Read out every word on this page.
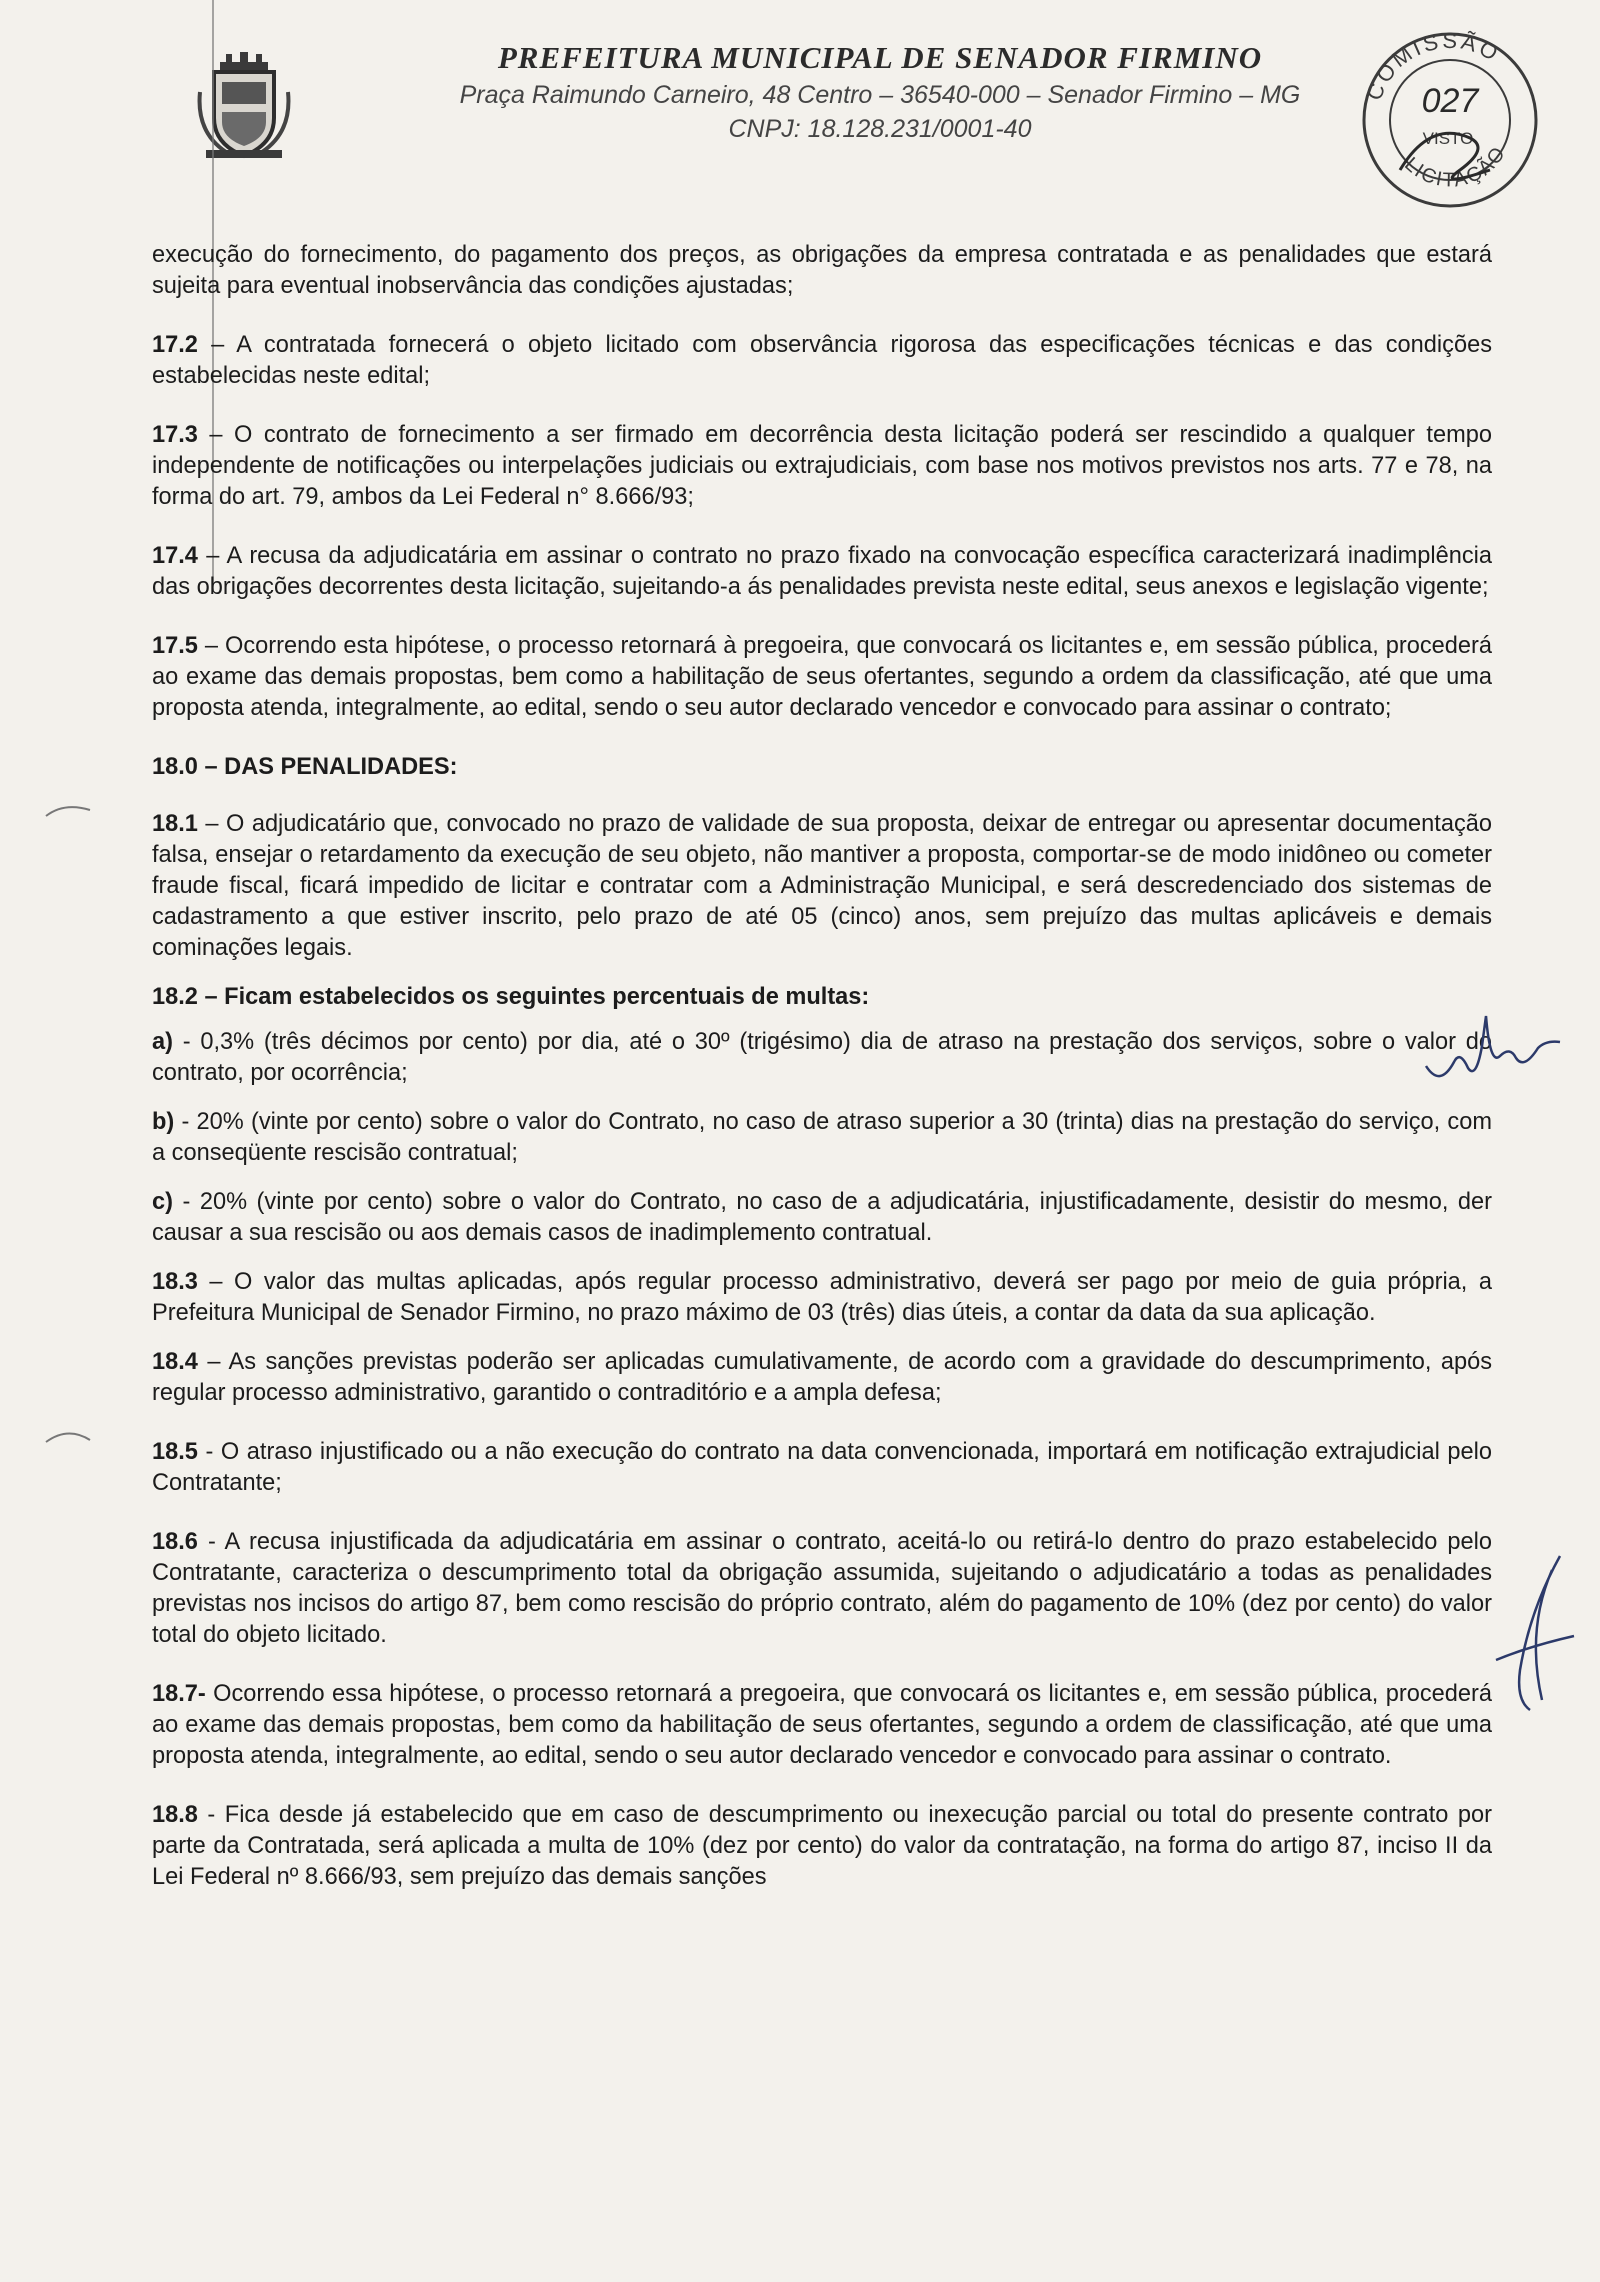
PREFEITURA MUNICIPAL DE SENADOR FIRMINO
Praça Raimundo Carneiro, 48 Centro – 36540-000 – Senador Firmino – MG
CNPJ: 18.128.231/0001-40
COMISSÃO
LICITAÇÃO
027
VISTO

execução do fornecimento, do pagamento dos preços, as obrigações da empresa contratada e as penalidades que estará sujeita para eventual inobservância das condições ajustadas;

17.2 – A contratada fornecerá o objeto licitado com observância rigorosa das especificações técnicas e das condições estabelecidas neste edital;

17.3 – O contrato de fornecimento a ser firmado em decorrência desta licitação poderá ser rescindido a qualquer tempo independente de notificações ou interpelações judiciais ou extrajudiciais, com base nos motivos previstos nos arts. 77 e 78, na forma do art. 79, ambos da Lei Federal n° 8.666/93;

17.4 – A recusa da adjudicatária em assinar o contrato no prazo fixado na convocação específica caracterizará inadimplência das obrigações decorrentes desta licitação, sujeitando-a ás penalidades prevista neste edital, seus anexos e legislação vigente;

17.5 – Ocorrendo esta hipótese, o processo retornará à pregoeira, que convocará os licitantes e, em sessão pública, procederá ao exame das demais propostas, bem como a habilitação de seus ofertantes, segundo a ordem da classificação, até que uma proposta atenda, integralmente, ao edital, sendo o seu autor declarado vencedor e convocado para assinar o contrato;

18.0 – DAS PENALIDADES:

18.1 – O adjudicatário que, convocado no prazo de validade de sua proposta, deixar de entregar ou apresentar documentação falsa, ensejar o retardamento da execução de seu objeto, não mantiver a proposta, comportar-se de modo inidôneo ou cometer fraude fiscal, ficará impedido de licitar e contratar com a Administração Municipal, e será descredenciado dos sistemas de cadastramento a que estiver inscrito, pelo prazo de até 05 (cinco) anos, sem prejuízo das multas aplicáveis e demais cominações legais.

18.2 – Ficam estabelecidos os seguintes percentuais de multas:

a) - 0,3% (três décimos por cento) por dia, até o 30º (trigésimo) dia de atraso na prestação dos serviços, sobre o valor do contrato, por ocorrência;

b) - 20% (vinte por cento) sobre o valor do Contrato, no caso de atraso superior a 30 (trinta) dias na prestação do serviço, com a conseqüente rescisão contratual;

c) - 20% (vinte por cento) sobre o valor do Contrato, no caso de a adjudicatária, injustificadamente, desistir do mesmo, der causar a sua rescisão ou aos demais casos de inadimplemento contratual.

18.3 – O valor das multas aplicadas, após regular processo administrativo, deverá ser pago por meio de guia própria, a Prefeitura Municipal de Senador Firmino, no prazo máximo de 03 (três) dias úteis, a contar da data da sua aplicação.

18.4 – As sanções previstas poderão ser aplicadas cumulativamente, de acordo com a gravidade do descumprimento, após regular processo administrativo, garantido o contraditório e a ampla defesa;

18.5 - O atraso injustificado ou a não execução do contrato na data convencionada, importará em notificação extrajudicial pelo Contratante;

18.6 - A recusa injustificada da adjudicatária em assinar o contrato, aceitá-lo ou retirá-lo dentro do prazo estabelecido pelo Contratante, caracteriza o descumprimento total da obrigação assumida, sujeitando o adjudicatário a todas as penalidades previstas nos incisos do artigo 87, bem como rescisão do próprio contrato, além do pagamento de 10% (dez por cento) do valor total do objeto licitado.

18.7- Ocorrendo essa hipótese, o processo retornará a pregoeira, que convocará os licitantes e, em sessão pública, procederá ao exame das demais propostas, bem como da habilitação de seus ofertantes, segundo a ordem de classificação, até que uma proposta atenda, integralmente, ao edital, sendo o seu autor declarado vencedor e convocado para assinar o contrato.

18.8 - Fica desde já estabelecido que em caso de descumprimento ou inexecução parcial ou total do presente contrato por parte da Contratada, será aplicada a multa de 10% (dez por cento) do valor da contratação, na forma do artigo 87, inciso II da Lei Federal nº 8.666/93, sem prejuízo das demais sanções
